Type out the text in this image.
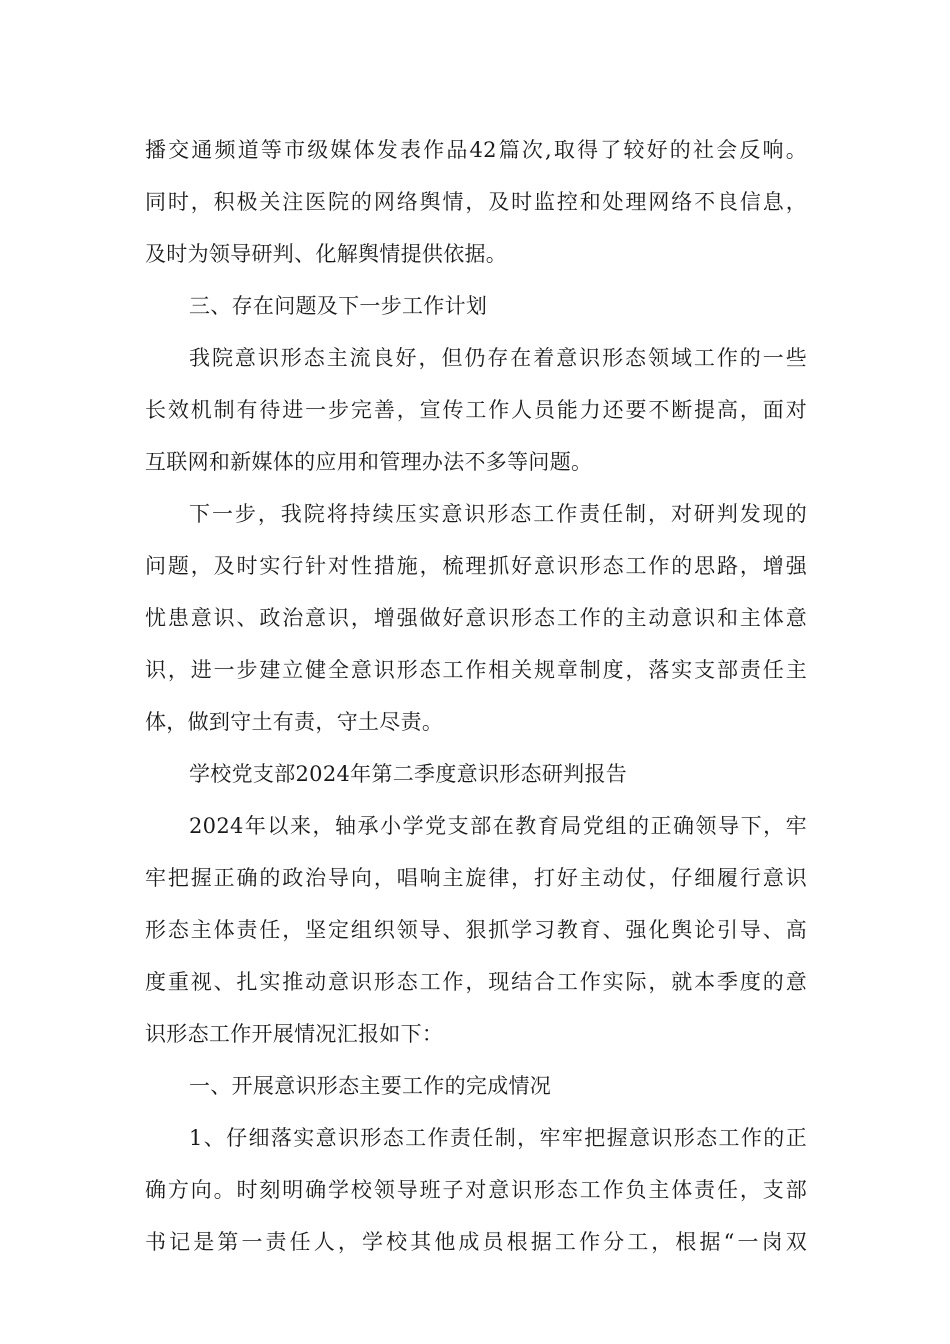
播交通频道等市级媒体发表作品42篇次,取得了较好的社会反响。
同时，积极关注医院的网络舆情，及时监控和处理网络不良信息，
及时为领导研判、化解舆情提供依据。
三、存在问题及下一步工作计划
我院意识形态主流良好，但仍存在着意识形态领域工作的一些
长效机制有待进一步完善，宣传工作人员能力还要不断提高，面对
互联网和新媒体的应用和管理办法不多等问题。
下一步，我院将持续压实意识形态工作责任制，对研判发现的
问题，及时实行针对性措施，梳理抓好意识形态工作的思路，增强
忧患意识、政治意识，增强做好意识形态工作的主动意识和主体意
识，进一步建立健全意识形态工作相关规章制度，落实支部责任主
体，做到守土有责，守土尽责。
学校党支部2024年第二季度意识形态研判报告
2024年以来，轴承小学党支部在教育局党组的正确领导下，牢
牢把握正确的政治导向，唱响主旋律，打好主动仗，仔细履行意识
形态主体责任，坚定组织领导、狠抓学习教育、强化舆论引导、高
度重视、扎实推动意识形态工作，现结合工作实际，就本季度的意
识形态工作开展情况汇报如下：
一、开展意识形态主要工作的完成情况
1、仔细落实意识形态工作责任制，牢牢把握意识形态工作的正
确方向。时刻明确学校领导班子对意识形态工作负主体责任，支部
书记是第一责任人，学校其他成员根据工作分工，根据“一岗双
